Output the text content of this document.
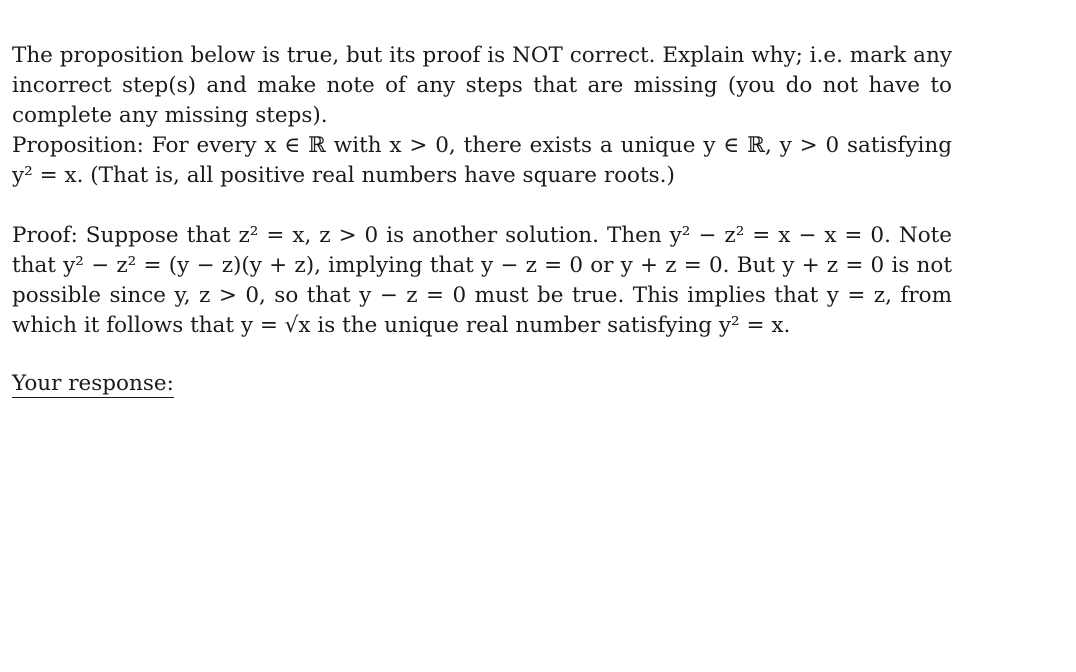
The proposition below is true, but its proof is NOT correct. Explain why; i.e. mark any incorrect step(s) and make note of any steps that are missing (you do not have to complete any missing steps).

Proposition: For every x ∈ ℝ with x > 0, there exists a unique y ∈ ℝ, y > 0 satisfying y² = x. (That is, all positive real numbers have square roots.)

Proof: Suppose that z² = x, z > 0 is another solution. Then y² − z² = x − x = 0. Note that y² − z² = (y − z)(y + z), implying that y − z = 0 or y + z = 0. But y + z = 0 is not possible since y, z > 0, so that y − z = 0 must be true. This implies that y = z, from which it follows that y = √x is the unique real number satisfying y² = x.

Your response:
